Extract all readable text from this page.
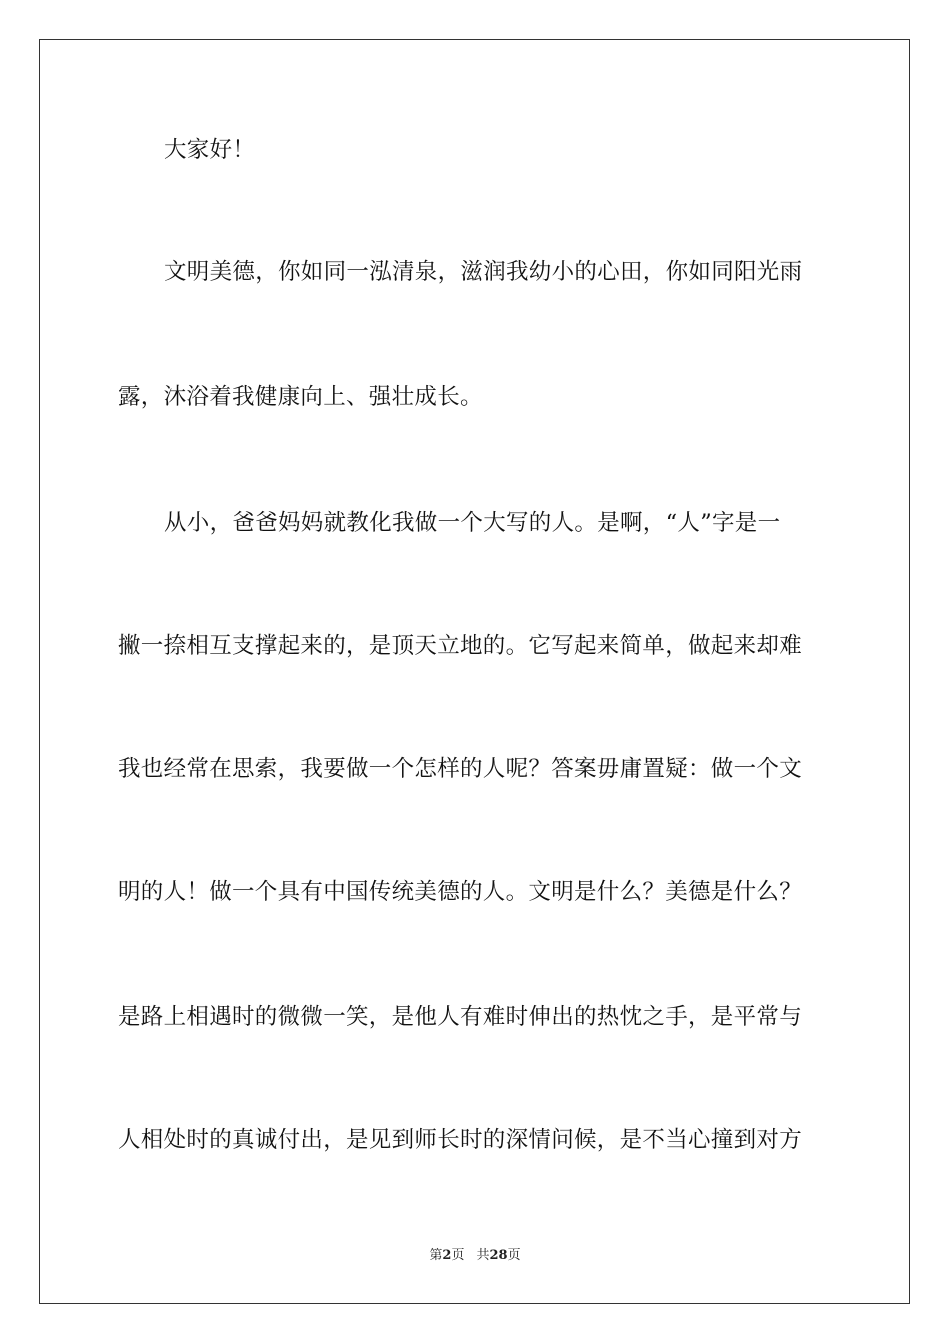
大家好！
文明美德，你如同一泓清泉，滋润我幼小的心田，你如同阳光雨
露，沐浴着我健康向上、强壮成长。
从小，爸爸妈妈就教化我做一个大写的人。是啊，“人”字是一
撇一捺相互支撑起来的，是顶天立地的。它写起来简单，做起来却难
我也经常在思索，我要做一个怎样的人呢？答案毋庸置疑：做一个文
明的人！做一个具有中国传统美德的人。文明是什么？美德是什么？
是路上相遇时的微微一笑，是他人有难时伸出的热忱之手，是平常与
人相处时的真诚付出，是见到师长时的深情问候，是不当心撞到对方
第2页 共28页
